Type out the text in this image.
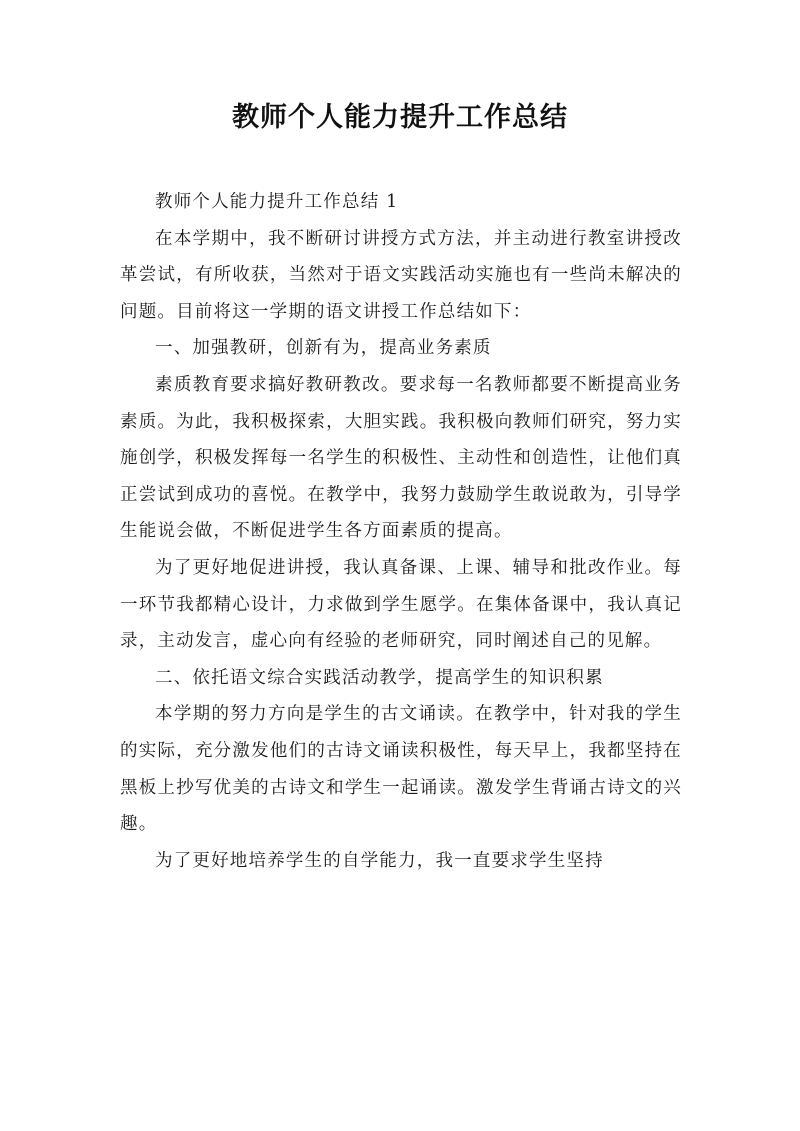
教师个人能力提升工作总结

教师个人能力提升工作总结 1

在本学期中，我不断研讨讲授方式方法，并主动进行教室讲授改革尝试，有所收获，当然对于语文实践活动实施也有一些尚未解决的问题。目前将这一学期的语文讲授工作总结如下：

一、加强教研，创新有为，提高业务素质

素质教育要求搞好教研教改。要求每一名教师都要不断提高业务素质。为此，我积极探索，大胆实践。我积极向教师们研究，努力实施创学，积极发挥每一名学生的积极性、主动性和创造性，让他们真正尝试到成功的喜悦。在教学中，我努力鼓励学生敢说敢为，引导学生能说会做，不断促进学生各方面素质的提高。

为了更好地促进讲授，我认真备课、上课、辅导和批改作业。每一环节我都精心设计，力求做到学生愿学。在集体备课中，我认真记录，主动发言，虚心向有经验的老师研究，同时阐述自己的见解。

二、依托语文综合实践活动教学，提高学生的知识积累

本学期的努力方向是学生的古文诵读。在教学中，针对我的学生的实际，充分激发他们的古诗文诵读积极性，每天早上，我都坚持在黑板上抄写优美的古诗文和学生一起诵读。激发学生背诵古诗文的兴趣。

为了更好地培养学生的自学能力，我一直要求学生坚持
